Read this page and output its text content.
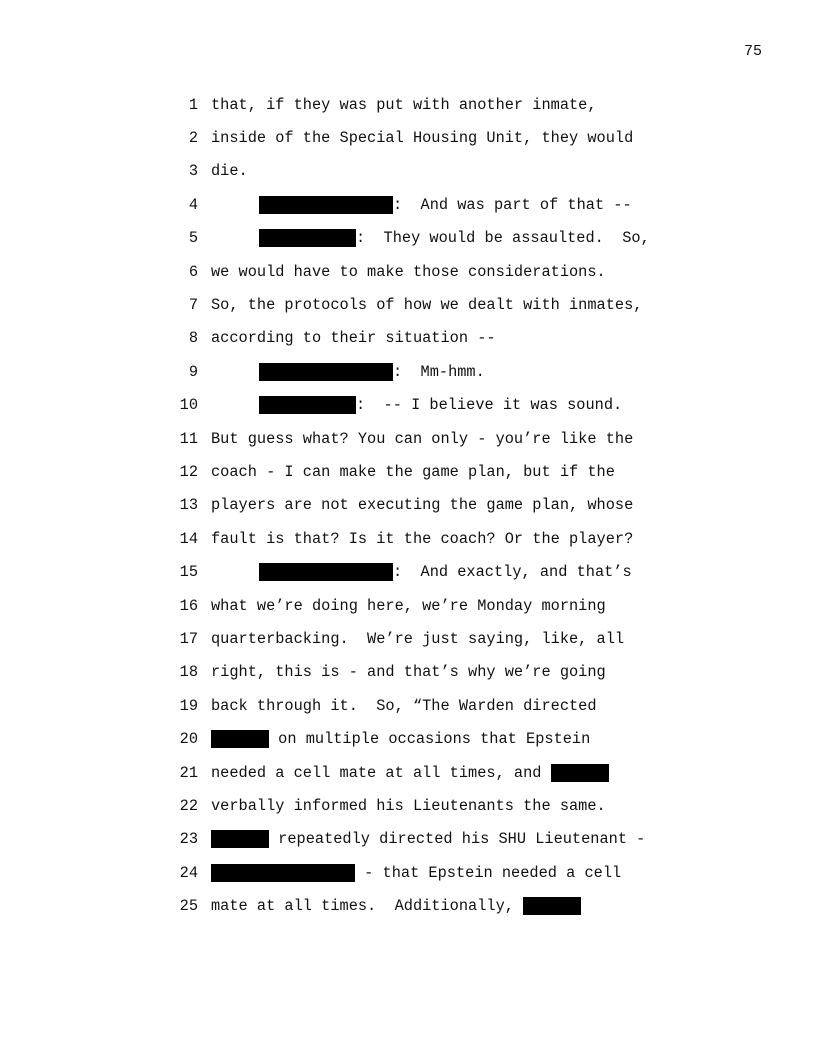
75
1 that, if they was put with another inmate,
2 inside of the Special Housing Unit, they would
3 die.
4	:  And was part of that --
5	:  They would be assaulted.  So,
6 we would have to make those considerations.
7 So, the protocols of how we dealt with inmates,
8 according to their situation --
9	:  Mm-hmm.
10	:  -- I believe it was sound.
11 But guess what? You can only - you’re like the
12 coach - I can make the game plan, but if the
13 players are not executing the game plan, whose
14 fault is that? Is it the coach? Or the player?
15	:  And exactly, and that’s
16 what we’re doing here, we’re Monday morning
17 quarterbacking.  We’re just saying, like, all
18 right, this is - and that’s why we’re going
19 back through it.  So, “The Warden directed
20	on multiple occasions that Epstein
21 needed a cell mate at all times, and
22 verbally informed his Lieutenants the same.
23	repeatedly directed his SHU Lieutenant -
24	- that Epstein needed a cell
25 mate at all times.  Additionally,
